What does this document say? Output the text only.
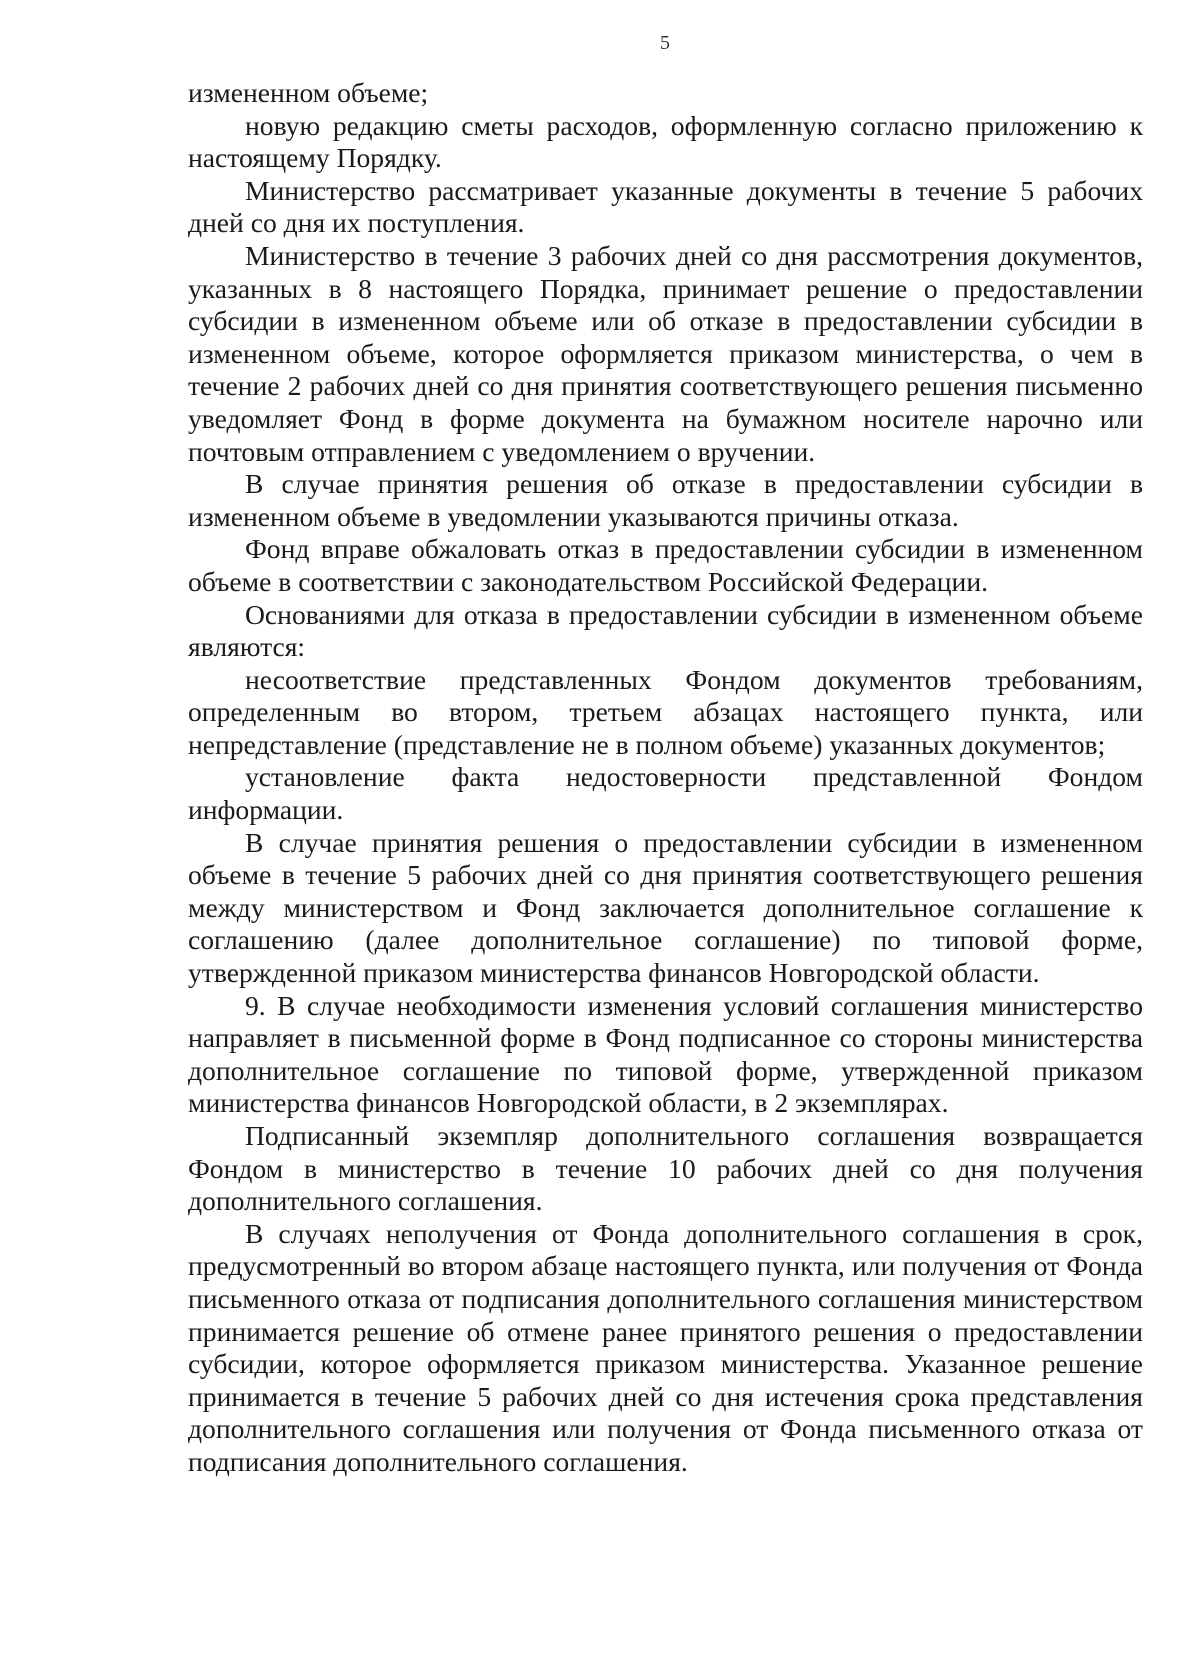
5

измененном объеме;

новую редакцию сметы расходов, оформленную согласно приложению к настоящему Порядку.

Министерство рассматривает указанные документы в течение 5 рабочих дней со дня их поступления.

Министерство в течение 3 рабочих дней со дня рассмотрения документов, указанных в 8 настоящего Порядка, принимает решение о предоставлении субсидии в измененном объеме или об отказе в предоставлении субсидии в измененном объеме, которое оформляется приказом министерства, о чем в течение 2 рабочих дней со дня принятия соответствующего решения письменно уведомляет Фонд в форме документа на бумажном носителе нарочно или почтовым отправлением с уведомлением о вручении.

В случае принятия решения об отказе в предоставлении субсидии в измененном объеме в уведомлении указываются причины отказа.

Фонд вправе обжаловать отказ в предоставлении субсидии в измененном объеме в соответствии с законодательством Российской Федерации.

Основаниями для отказа в предоставлении субсидии в измененном объеме являются:

несоответствие представленных Фондом документов требованиям, определенным во втором, третьем абзацах настоящего пункта, или непредставление (представление не в полном объеме) указанных документов;

установление факта недостоверности представленной Фондом информации.

В случае принятия решения о предоставлении субсидии в измененном объеме в течение 5 рабочих дней со дня принятия соответствующего решения между министерством и Фонд заключается дополнительное соглашение к соглашению (далее дополнительное соглашение) по типовой форме, утвержденной приказом министерства финансов Новгородской области.

9. В случае необходимости изменения условий соглашения министерство направляет в письменной форме в Фонд подписанное со стороны министерства дополнительное соглашение по типовой форме, утвержденной приказом министерства финансов Новгородской области, в 2 экземплярах.

Подписанный экземпляр дополнительного соглашения возвращается Фондом в министерство в течение 10 рабочих дней со дня получения дополнительного соглашения.

В случаях неполучения от Фонда дополнительного соглашения в срок, предусмотренный во втором абзаце настоящего пункта, или получения от Фонда письменного отказа от подписания дополнительного соглашения министерством принимается решение об отмене ранее принятого решения о предоставлении субсидии, которое оформляется приказом министерства. Указанное решение принимается в течение 5 рабочих дней со дня истечения срока представления дополнительного соглашения или получения от Фонда письменного отказа от подписания дополнительного соглашения.
